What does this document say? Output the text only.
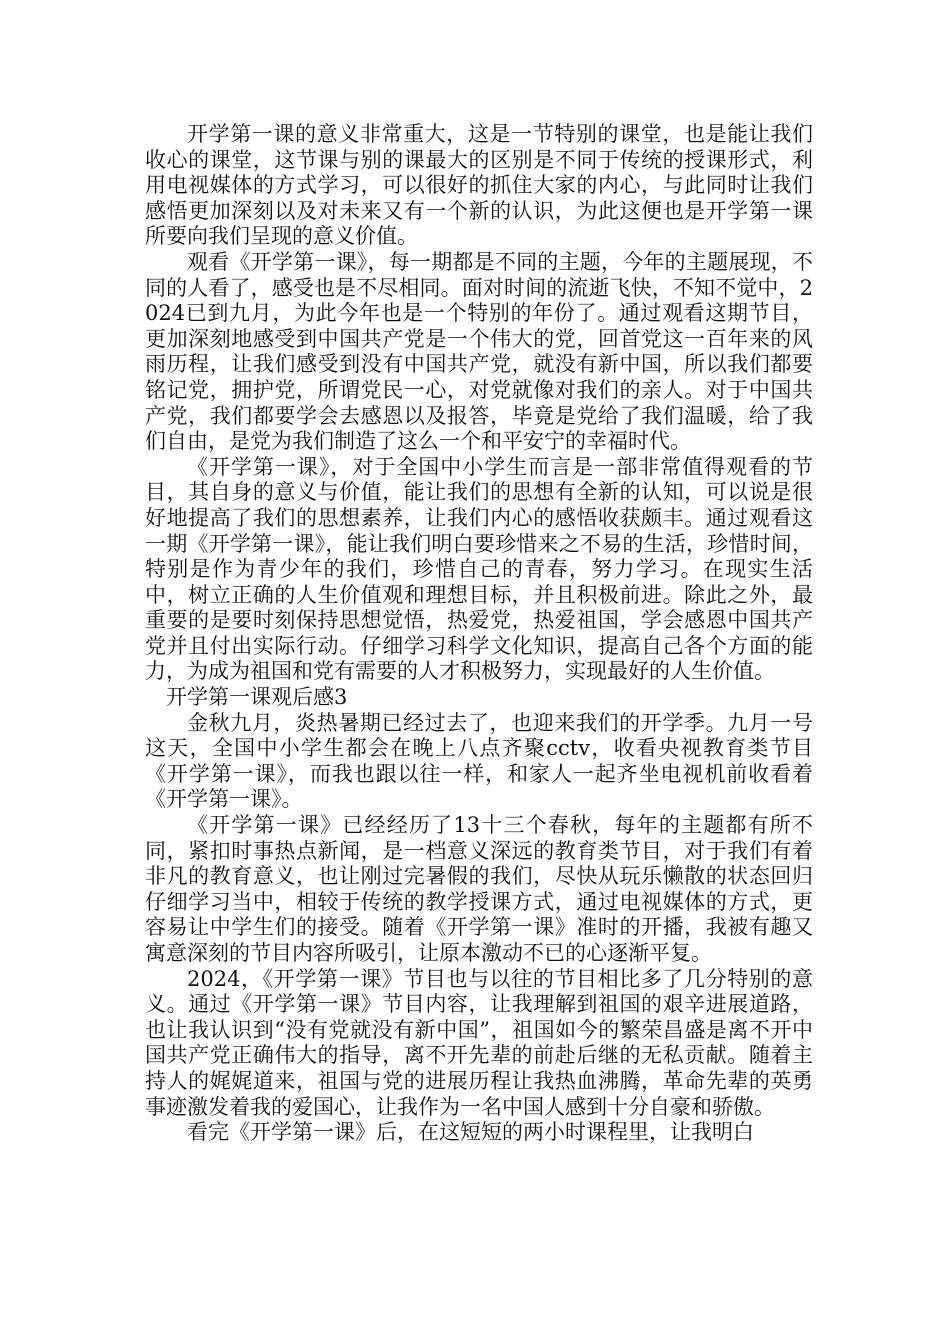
开学第一课的意义非常重大，这是一节特别的课堂，也是能让我们收心的课堂，这节课与别的课最大的区别是不同于传统的授课形式，利用电视媒体的方式学习，可以很好的抓住大家的内心，与此同时让我们感悟更加深刻以及对未来又有一个新的认识，为此这便也是开学第一课所要向我们呈现的意义价值。

观看《开学第一课》，每一期都是不同的主题，今年的主题展现，不同的人看了，感受也是不尽相同。面对时间的流逝飞快，不知不觉中，2024已到九月，为此今年也是一个特别的年份了。通过观看这期节目，更加深刻地感受到中国共产党是一个伟大的党，回首党这一百年来的风雨历程，让我们感受到没有中国共产党，就没有新中国，所以我们都要铭记党，拥护党，所谓党民一心，对党就像对我们的亲人。对于中国共产党，我们都要学会去感恩以及报答，毕竟是党给了我们温暖，给了我们自由，是党为我们制造了这么一个和平安宁的幸福时代。

《开学第一课》，对于全国中小学生而言是一部非常值得观看的节目，其自身的意义与价值，能让我们的思想有全新的认知，可以说是很好地提高了我们的思想素养，让我们内心的感悟收获颇丰。通过观看这一期《开学第一课》，能让我们明白要珍惜来之不易的生活，珍惜时间，特别是作为青少年的我们，珍惜自己的青春，努力学习。在现实生活中，树立正确的人生价值观和理想目标，并且积极前进。除此之外，最重要的是要时刻保持思想觉悟，热爱党，热爱祖国，学会感恩中国共产党并且付出实际行动。仔细学习科学文化知识，提高自己各个方面的能力，为成为祖国和党有需要的人才积极努力，实现最好的人生价值。

开学第一课观后感3

金秋九月，炎热暑期已经过去了，也迎来我们的开学季。九月一号这天，全国中小学生都会在晚上八点齐聚cctv，收看央视教育类节目《开学第一课》，而我也跟以往一样，和家人一起齐坐电视机前收看着《开学第一课》。

《开学第一课》已经经历了13十三个春秋，每年的主题都有所不同，紧扣时事热点新闻，是一档意义深远的教育类节目，对于我们有着非凡的教育意义，也让刚过完暑假的我们，尽快从玩乐懒散的状态回归仔细学习当中，相较于传统的教学授课方式，通过电视媒体的方式，更容易让中学生们的接受。随着《开学第一课》准时的开播，我被有趣又寓意深刻的节目内容所吸引，让原本激动不已的心逐渐平复。

2024，《开学第一课》节目也与以往的节目相比多了几分特别的意义。通过《开学第一课》节目内容，让我理解到祖国的艰辛进展道路，也让我认识到“没有党就没有新中国”，祖国如今的繁荣昌盛是离不开中国共产党正确伟大的指导，离不开先辈的前赴后继的无私贡献。随着主持人的娓娓道来，祖国与党的进展历程让我热血沸腾，革命先辈的英勇事迹激发着我的爱国心，让我作为一名中国人感到十分自豪和骄傲。

看完《开学第一课》后，在这短短的两小时课程里，让我明白
